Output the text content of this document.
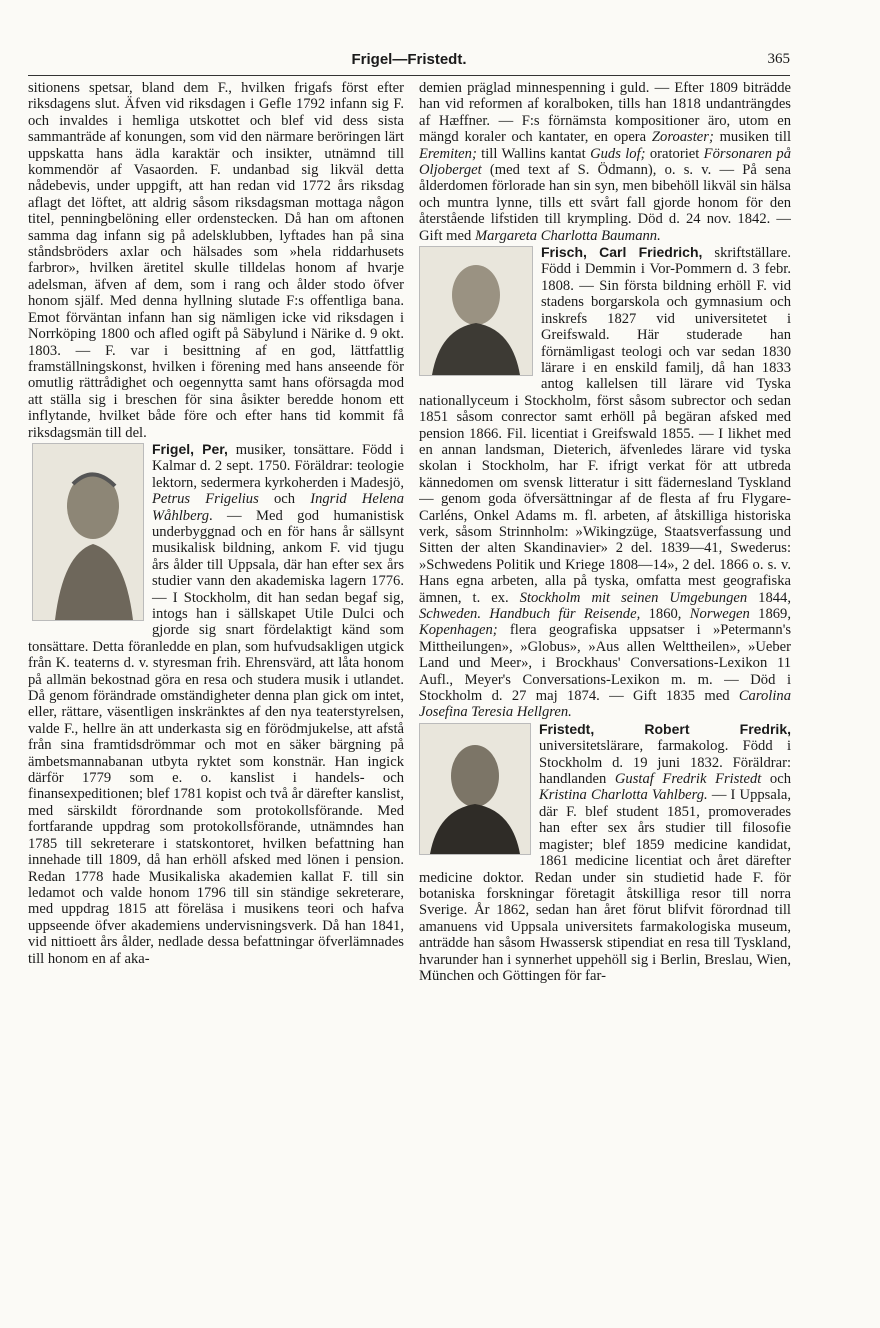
Frigel—Fristedt.	365

sitionens spetsar, bland dem F., hvilken frigafs först efter riksdagens slut. Äfven vid riksdagen i Gefle 1792 infann sig F. och invaldes i hemliga utskottet och blef vid dess sista sammanträde af konungen, som vid den närmare beröringen lärt uppskatta hans ädla karaktär och insikter, utnämnd till kommendör af Vasaorden. F. undanbad sig likväl detta nådebevis, under uppgift, att han redan vid 1772 års riksdag aflagt det löftet, att aldrig såsom riksdagsman mottaga någon titel, penningbelöning eller ordenstecken. Då han om aftonen samma dag infann sig på adelsklubben, lyftades han på sina ståndsbröders axlar och hälsades som »hela riddarhusets farbror», hvilken äretitel skulle tilldelas honom af hvarje adelsman, äfven af dem, som i rang och ålder stodo öfver honom själf. Med denna hyllning slutade F:s offentliga bana. Emot förväntan infann han sig nämligen icke vid riksdagen i Norrköping 1800 och afled ogift på Säbylund i Närike d. 9 okt. 1803. — F. var i besittning af en god, lättfattlig framställningskonst, hvilken i förening med hans anseende för omutlig rättrådighet och oegennytta samt hans oförsagda mod att ställa sig i breschen för sina åsikter beredde honom ett inflytande, hvilket både före och efter hans tid kommit få riksdagsmän till del.

Frigel, Per, musiker, tonsättare. Född i Kalmar d. 2 sept. 1750. Föräldrar: teologie lektorn, sedermera kyrkoherden i Madesjö, Petrus Frigelius och Ingrid Helena Wåhlberg. — Med god humanistisk underbyggnad och en för hans år sällsynt musikalisk bildning, ankom F. vid tjugu års ålder till Uppsala, där han efter sex års studier vann den akademiska lagern 1776. — I Stockholm, dit han sedan begaf sig, intogs han i sällskapet Utile Dulci och gjorde sig snart fördelaktigt känd som tonsättare. Detta föranledde en plan, som hufvudsakligen utgick från K. teaterns d. v. styresman frih. Ehrensvärd, att låta honom på allmän bekostnad göra en resa och studera musik i utlandet. Då genom förändrade omständigheter denna plan gick om intet, eller, rättare, väsentligen inskränktes af den nya teaterstyrelsen, valde F., hellre än att underkasta sig en förödmjukelse, att afstå från sina framtidsdrömmar och mot en säker bärgning på ämbetsmannabanan utbyta ryktet som konstnär. Han ingick därför 1779 som e. o. kanslist i handels- och finansexpeditionen; blef 1781 kopist och två år därefter kanslist, med särskildt förordnande som protokollsförande. Med fortfarande uppdrag som protokollsförande, utnämndes han 1785 till sekreterare i statskontoret, hvilken befattning han innehade till 1809, då han erhöll afsked med lönen i pension. Redan 1778 hade Musikaliska akademien kallat F. till sin ledamot och valde honom 1796 till sin ständige sekreterare, med uppdrag 1815 att föreläsa i musikens teori och hafva uppseende öfver akademiens undervisningsverk. Då han 1841, vid nittioett års ålder, nedlade dessa befattningar öfverlämnades till honom en af aka-

demien präglad minnespenning i guld. — Efter 1809 biträdde han vid reformen af koralboken, tills han 1818 undanträngdes af Hæffner. — F:s förnämsta kompositioner äro, utom en mängd koraler och kantater, en opera Zoroaster; musiken till Eremiten; till Wallins kantat Guds lof; oratoriet Försonaren på Oljoberget (med text af S. Ödmann), o. s. v. — På sena ålderdomen förlorade han sin syn, men bibehöll likväl sin hälsa och muntra lynne, tills ett svårt fall gjorde honom för den återstående lifstiden till krympling. Död d. 24 nov. 1842. — Gift med Margareta Charlotta Baumann.

Frisch, Carl Friedrich, skriftställare. Född i Demmin i Vor-Pommern d. 3 febr. 1808. — Sin första bildning erhöll F. vid stadens borgarskola och gymnasium och inskrefs 1827 vid universitetet i Greifswald. Här studerade han förnämligast teologi och var sedan 1830 lärare i en enskild familj, då han 1833 antog kallelsen till lärare vid Tyska nationallyceum i Stockholm, först såsom subrector och sedan 1851 såsom conrector samt erhöll på begäran afsked med pension 1866. Fil. licentiat i Greifswald 1855. — I likhet med en annan landsman, Dieterich, äfvenledes lärare vid tyska skolan i Stockholm, har F. ifrigt verkat för att utbreda kännedomen om svensk litteratur i sitt fädernesland Tyskland — genom goda öfversättningar af de flesta af fru Flygare-Carléns, Onkel Adams m. fl. arbeten, af åtskilliga historiska verk, såsom Strinnholm: »Wikingzüge, Staatsverfassung und Sitten der alten Skandinavier» 2 del. 1839—41, Swederus: »Schwedens Politik und Kriege 1808—14», 2 del. 1866 o. s. v. Hans egna arbeten, alla på tyska, omfatta mest geografiska ämnen, t. ex. Stockholm mit seinen Umgebungen 1844, Schweden. Handbuch für Reisende, 1860, Norwegen 1869, Kopenhagen; flera geografiska uppsatser i »Petermann's Mittheilungen», »Globus», »Aus allen Welttheilen», »Ueber Land und Meer», i Brockhaus' Conversations-Lexikon 11 Aufl., Meyer's Conversations-Lexikon m. m. — Död i Stockholm d. 27 maj 1874. — Gift 1835 med Carolina Josefina Teresia Hellgren.

Fristedt, Robert Fredrik, universitetslärare, farmakolog. Född i Stockholm d. 19 juni 1832. Föräldrar: handlanden Gustaf Fredrik Fristedt och Kristina Charlotta Vahlberg. — I Uppsala, där F. blef student 1851, promoverades han efter sex års studier till filosofie magister; blef 1859 medicine kandidat, 1861 medicine licentiat och året därefter medicine doktor. Redan under sin studietid hade F. för botaniska forskningar företagit åtskilliga resor till norra Sverige. År 1862, sedan han året förut blifvit förordnad till amanuens vid Uppsala universitets farmakologiska museum, anträdde han såsom Hwassersk stipendiat en resa till Tyskland, hvarunder han i synnerhet uppehöll sig i Berlin, Breslau, Wien, München och Göttingen för far-
